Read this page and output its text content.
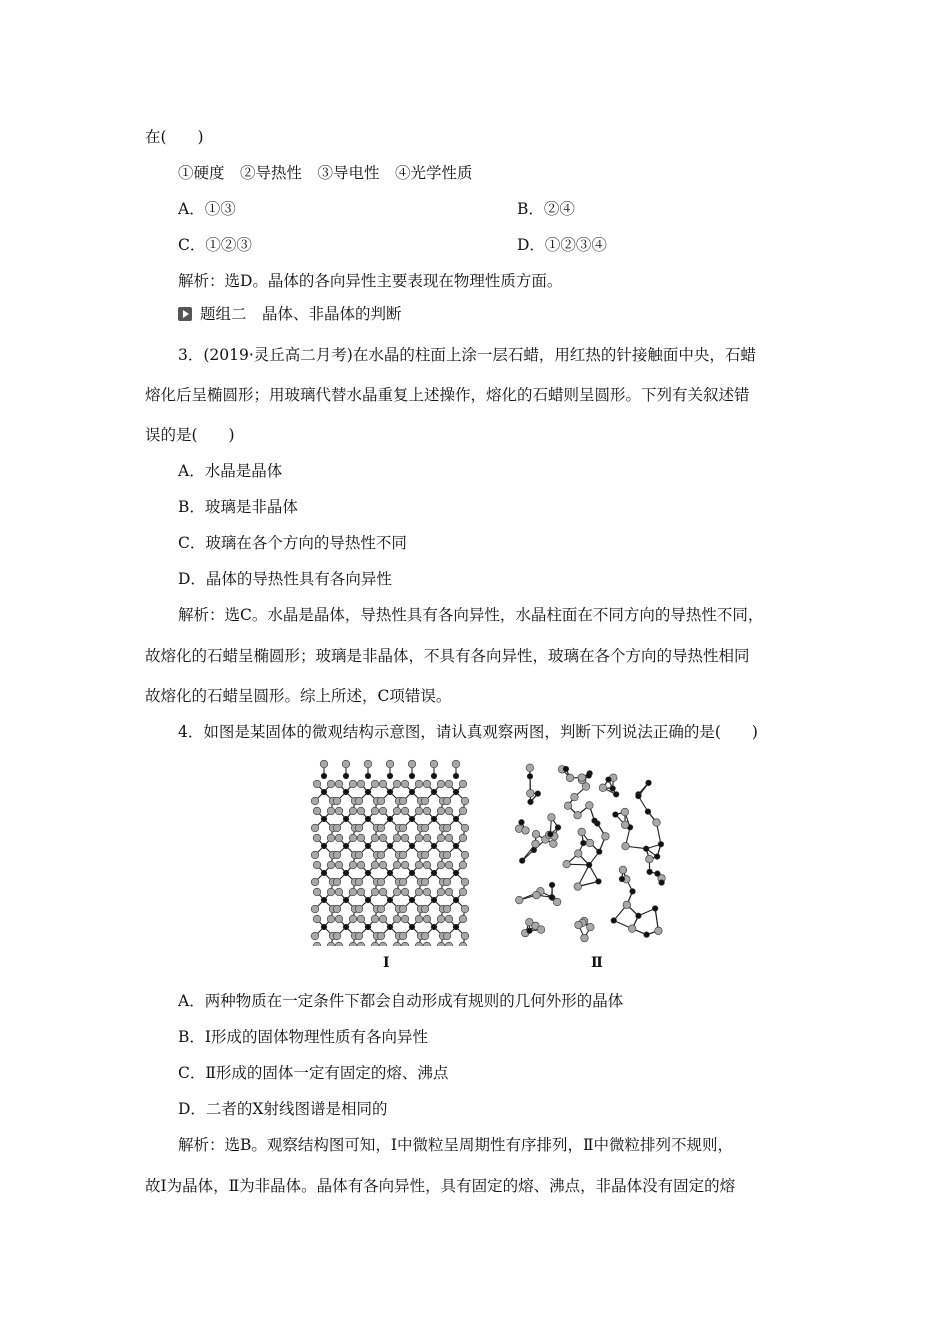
在(　　)
①硬度　②导热性　③导电性　④光学性质
A．①③	B．②④
C．①②③	D．①②③④
解析：选D。晶体的各向异性主要表现在物理性质方面。
题组二　晶体、非晶体的判断
3．(2019·灵丘高二月考)在水晶的柱面上涂一层石蜡，用红热的针接触面中央，石蜡
熔化后呈椭圆形；用玻璃代替水晶重复上述操作，熔化的石蜡则呈圆形。下列有关叙述错
误的是(　　)
A．水晶是晶体
B．玻璃是非晶体
C．玻璃在各个方向的导热性不同
D．晶体的导热性具有各向异性
解析：选C。水晶是晶体，导热性具有各向异性，水晶柱面在不同方向的导热性不同，
故熔化的石蜡呈椭圆形；玻璃是非晶体，不具有各向异性，玻璃在各个方向的导热性相同
故熔化的石蜡呈圆形。综上所述，C项错误。
4．如图是某固体的微观结构示意图，请认真观察两图，判断下列说法正确的是(　　)
Ⅰ	Ⅱ
A．两种物质在一定条件下都会自动形成有规则的几何外形的晶体
B．Ⅰ形成的固体物理性质有各向异性
C．Ⅱ形成的固体一定有固定的熔、沸点
D．二者的X射线图谱是相同的
解析：选B。观察结构图可知，Ⅰ中微粒呈周期性有序排列，Ⅱ中微粒排列不规则，
故Ⅰ为晶体，Ⅱ为非晶体。晶体有各向异性，具有固定的熔、沸点，非晶体没有固定的熔
